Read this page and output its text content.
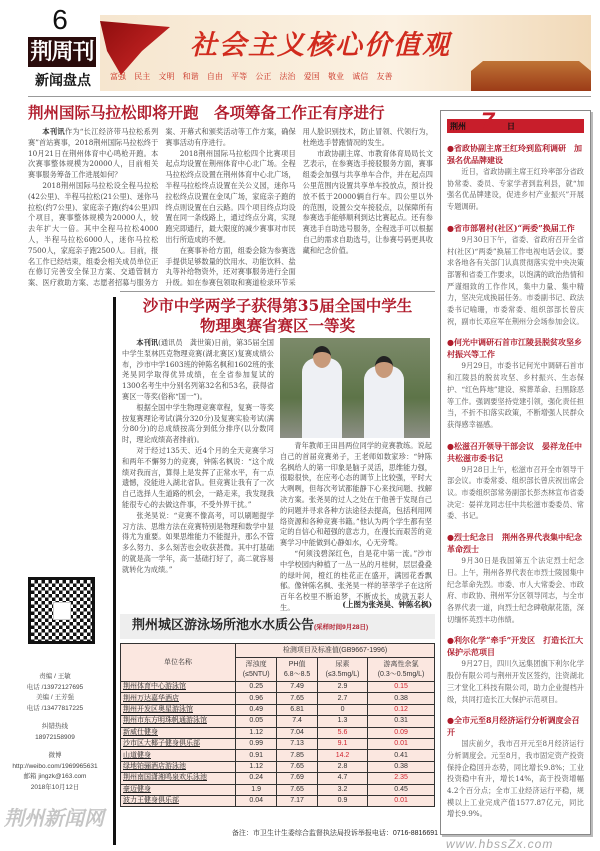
6
荆周刊
新闻盘点
社会主义核心价值观
富强 民主 文明 和谐 自由 平等 公正 法治 爱国 敬业 诚信 友善
荆州国际马拉松即将开跑　各项筹备工作正有序进行

本刊讯作为“长江经济带马拉松系列赛”首站赛事，2018荆州国际马拉松终于10月21日在荆州体育中心鸣枪开跑。本次赛事整体规模为20000人，目前相关赛事服务筹备工作进展如何？

2018荆州国际马拉松设全程马拉松(42公里)、半程马拉松(21公里)、迷你马拉松(约7公里)、家庭亲子跑(约4公里)四个项目，赛事整体规模为20000人，较去年扩大一倍。其中全程马拉松4000人，半程马拉松6000人，迷你马拉松7500人，家庭亲子跑2500人。目前，报名工作已经结束，组委会相关成员单位正在修订完善安全保卫方案、交通管制方案、医疗救助方案、志愿者招募与服务方案、开幕式和颁奖活动等工作方案，确保赛事活动有序进行。

2018荆州国际马拉松四个比赛项目起点均设置在荆州体育中心北广场。全程马拉松终点设置在荆州体育中心北广场，半程马拉松终点设置在关公义园，迷你马拉松终点设置在金凤广场，家庭亲子跑的终点则设置在白云路。四个项目终点均设置在同一条线路上，通过终点分离，实现跑完即通行，最大限度的减少赛事对市民出行所造成的不便。

在赛事补给方面，组委会除为参赛选手提供足够数量的饮用水、功能饮料、盐丸等补给物资外，还对赛事服务进行全面升级。如在参赛包领取和赛道检录环节采用人脸识别技术，防止冒领、代领行为，杜绝选手替跑情况的发生。

市政协副主席、市教育体育局局长文艺表示，在参赛选手接驳服务方面，赛事组委会加强与共享单车合作，并在起点四公里范围内设置共享单车投放点，预计投放不低于20000辆自行车。四公里以外的范围，设置公交车接驳点，以保障所有参赛选手能够顺利到达比赛起点。还有参赛选手自助选号服务，全程选手可以根据自己的需求自助选号，让参赛号码更具收藏和纪念价值。

沙市中学两学子获得第35届全国中学生
物理奥赛省赛区一等奖

本刊讯(通讯员　龚世策)日前，第35届全国中学生泵林匹克物理竞赛(湖北赛区)复赛成绩公布，沙市中学1603班的钟陈名枫和1602班的张尧昊同学取得优异成绩，在全省参加复试的1300名考生中分别名列第32名和53名，获得省赛区一等奖(俗称“国一”)。

根据全国中学生物理竞赛章程，复赛一等奖按复赛理论考试(满分320分)及复赛实验考试(满分80分)的总成绩按高分到低分排序(以分数同时，理论成绩高者排前)。

对于经过135天、近4个月的全天竞赛学习和两年不懈努力的竞赛，钟陈名枫说：“这个成绩对我而言，算得上是发挥了正常水平，有一点遗憾，没能进入湖北省队。但竞赛让我有了一次自己选择人生道路的机会，一路走来，我发现我能很专心的去做这件事，不受外界干扰。”

张尧昊说：“竞赛不像高考，可以刷题提学习方法、思维方法在竞赛特别是物理和数学中显得尤为重要。如果思维能力不能提升，那么不管多么努力、多么刻苦也会收获甚微。其中打基础的就是高一学年，高一基础打好了，高二就容易就转化为成绩。”

青年教师王田昌两位同学的竞赛教练。说起自己的首届竞赛弟子，王老师如数家珍：“钟陈名枫给人的第一印象是脑子灵活，思维能力强，很聪很快，在应考心态的调节上比较强，平时大大咧咧，但每次考试都能静下心来找问题、找解决方案。张尧昊的过人之处在于他善于发现自己的问题并寻求各种方法途径去提高，包括利用网络资源和各种竞赛书籍。”他认为两个学生都有坚定的自信心和超强的意志力，在漫长而艰苦的竞赛学习中能做到心静如水，心无旁骛。

“何须浅碧深红色，自是花中第一流。”沙市中学校园内种植了一丛一丛的月桂树，层层叠叠的绿叶间，橙红的桂花正在盛开，满园花香飘郁。像钟陈名枫、张尧昊一样的莘莘学子在这所百年名校里不断追梦，不断成长，成就五彩人生。	(上图为张尧昊、钟陈名枫)
荆州 7 日
●省政协副主席王红玲到监利调研　加强名优品牌建设

近日，省政协副主席王红玲率部分省政协常委、委员、专家学者到监利县，就“加强名优品牌建设，促进乡村产业振兴”开展专题调研。

●省市部署村(社区)“两委”换届工作

9月30日下午，省委、省政府召开全省村(社区)“两委”换届工作电视电话会议。要求各地各有关部门认真贯彻落实党中央决策部署和省委工作要求，以饱满的政治热情和严谨细致的工作作风，集中力量、集中精力，坚决完成换届任务。市委副书记、政法委书记喻珊，市委常委、组织部部长曾庆祝，副市长邓应军在荆州分会场参加会议。

●何光中调研石首市江陵县脱贫攻坚乡村振兴等工作

9月29日，市委书记何光中调研石首市和江陵县的脱贫攻坚、乡村振兴、生态保护、“红色阵地”建设、殡葬革命、扫黑除恶等工作。强调要坚持党建引领，强化责任担当，不折不扣落实政策，不断增强人民群众获得感幸福感。

●松滋召开领导干部会议　晏祥龙任中共松滋市委书记

9月28日上午，松滋市召开全市领导干部会议。市委常委、组织部长曾庆祝出席会议。市委组织部常务副部长彭杰林宣布省委决定：晏祥龙同志任中共松滋市委委员、常委、书记。

●烈士纪念日　荆州各界代表集中纪念革命烈士

9月30日是我国第五个法定烈士纪念日。上午，荆州各界代表在市烈士陵园集中纪念革命先烈。市委、市人大常委会、市政府、市政协、荆州军分区领导同志，与全市各界代表一道，向烈士纪念碑敬献花篮，深切缅怀英烈丰功伟绩。

●利尔化学“牵手”开发区　打造长江大保护示范项目

9月27日，四川久远集团旗下利尔化学股份有限公司与荆州开发区签约，注资湖北三才堂化工科技有限公司，助力企业提档升级，共同打造长江大保护示范项目。

●全市元至8月经济运行分析调度会召开

国庆前夕，我市召开元至8月经济运行分析调度会。元至8月，我市固定资产投资保持企稳回升态势，同比增长9.8%；工业投资稳中有升，增长14%，高于投资增幅4.2个百分点；全市工业经济运行平稳，规模以上工业完成产值1577.87亿元，同比增长9.9%。

责编 / 王敏
电话 /13972127695
美编 / 王芳强
电话 /13477817225
纠错热线
18972158909
微博
http://weibo.com/1969965631
邮箱 jingzk@163.com
2018年10月12日
荆州城区游泳场所池水水质公告(采样时间9月28日)
单位名称	检测项目及标准值(GB9667-1996)			
	浑浊度
(≤5NTU)	PH值
6.8～8.5	尿素
(≤3.5mg/L)	游离性余氯
(0.3～0.5mg/L)
荆州体育中心游泳馆	0.25	7.49	2.9	0.15
荆州万达嘉华酒店	0.96	7.65	2.7	0.38
荆州开发区奥星游泳馆	0.49	6.81	0	0.12
荆州市东方明珠帆通游泳馆	0.05	7.4	1.3	0.31
新威仕健身	1.12	7.04	5.6	0.09
沙市区大椰子健身俱乐部	0.99	7.13	9.1	0.01
山道健身	0.91	7.85	14.2	0.41
绿地铂骊酒店游泳池	1.12	7.65	2.8	0.38
荆州南国潇湘鸣泉欢乐泳池	0.24	7.69	4.7	2.35
豪迈健身	1.9	7.65	3.2	0.45
波力王健身俱乐部	0.04	7.17	0.9	0.01
备注：市卫生计生委综合监督执法局投诉举报电话：0716-8816691
荆州新闻网
www.hbssZx.com
